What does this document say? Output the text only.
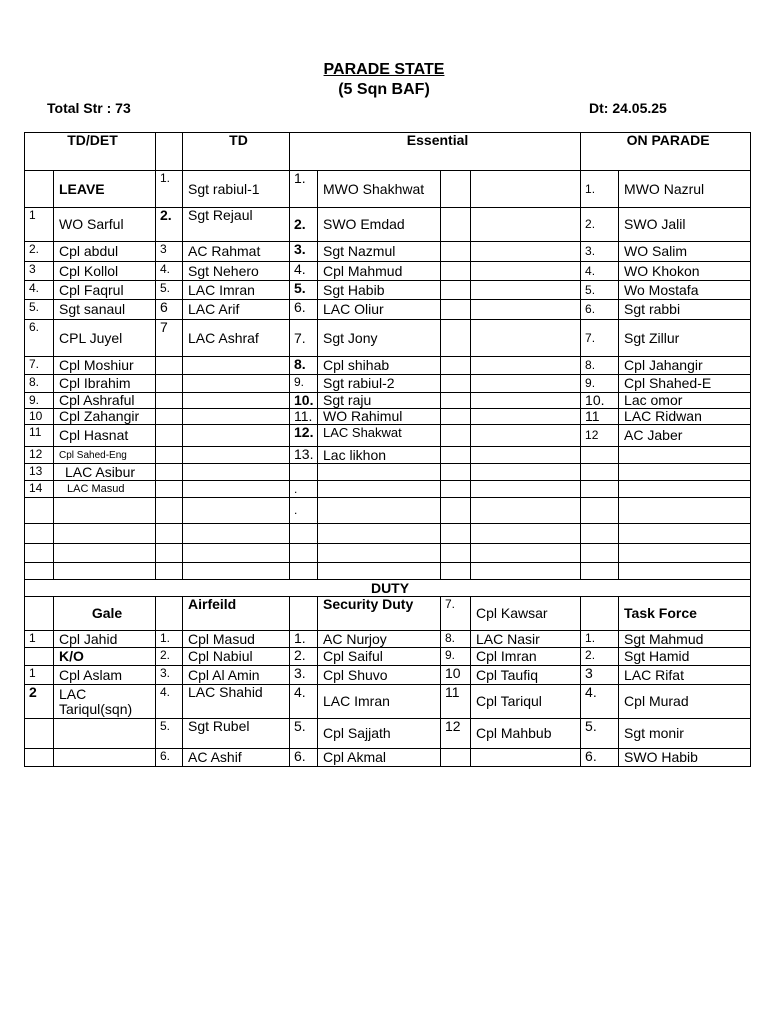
PARADE STATE
(5 Sqn BAF)
Total Str : 73	Dt: 24.05.25
TD/DET			TD	Essential				ON PARADE	
	LEAVE	1.	Sgt rabiul-1	1.	MWO Shakhwat			1.	MWO Nazrul
1	WO Sarful	2.	Sgt Rejaul	2.	SWO Emdad			2.	SWO Jalil
2.	Cpl abdul	3	AC Rahmat	3.	Sgt Nazmul			3.	WO Salim
3	Cpl Kollol	4.	Sgt Nehero	4.	Cpl Mahmud			4.	WO Khokon
4.	Cpl Faqrul	5.	LAC Imran	5.	Sgt Habib			5.	Wo Mostafa
5.	Sgt sanaul	6	LAC Arif	6.	LAC Oliur			6.	Sgt rabbi
6.	CPL Juyel	7	LAC Ashraf	7.	Sgt Jony			7.	Sgt Zillur
7.	Cpl Moshiur			8.	Cpl shihab			8.	Cpl Jahangir
8.	Cpl Ibrahim			9.	Sgt rabiul-2			9.	Cpl Shahed-E
9.	Cpl Ashraful			10.	Sgt raju			10.	Lac omor
10	Cpl Zahangir			11.	WO Rahimul			11	LAC Ridwan
11	Cpl Hasnat			12.	LAC Shakwat			12	AC Jaber
12	Cpl Sahed-Eng			13.	Lac likhon				
13	LAC Asibur								
14	LAC Masud			.					
				.					

DUTY									
	Gale		Airfeild		Security Duty	7.	Cpl Kawsar		Task Force
1	Cpl Jahid	1.	Cpl Masud	1.	AC Nurjoy	8.	LAC Nasir	1.	Sgt Mahmud
	K/O	2.	Cpl Nabiul	2.	Cpl Saiful	9.	Cpl Imran	2.	Sgt Hamid
1	Cpl Aslam	3.	Cpl Al Amin	3.	Cpl Shuvo	10	Cpl Taufiq	3	LAC Rifat
2	LAC Tariqul(sqn)	4.	LAC Shahid	4.	LAC Imran	11	Cpl Tariqul	4.	Cpl Murad
		5.	Sgt Rubel	5.	Cpl Sajjath	12	Cpl Mahbub	5.	Sgt monir
		6.	AC Ashif	6.	Cpl Akmal			6.	SWO Habib
